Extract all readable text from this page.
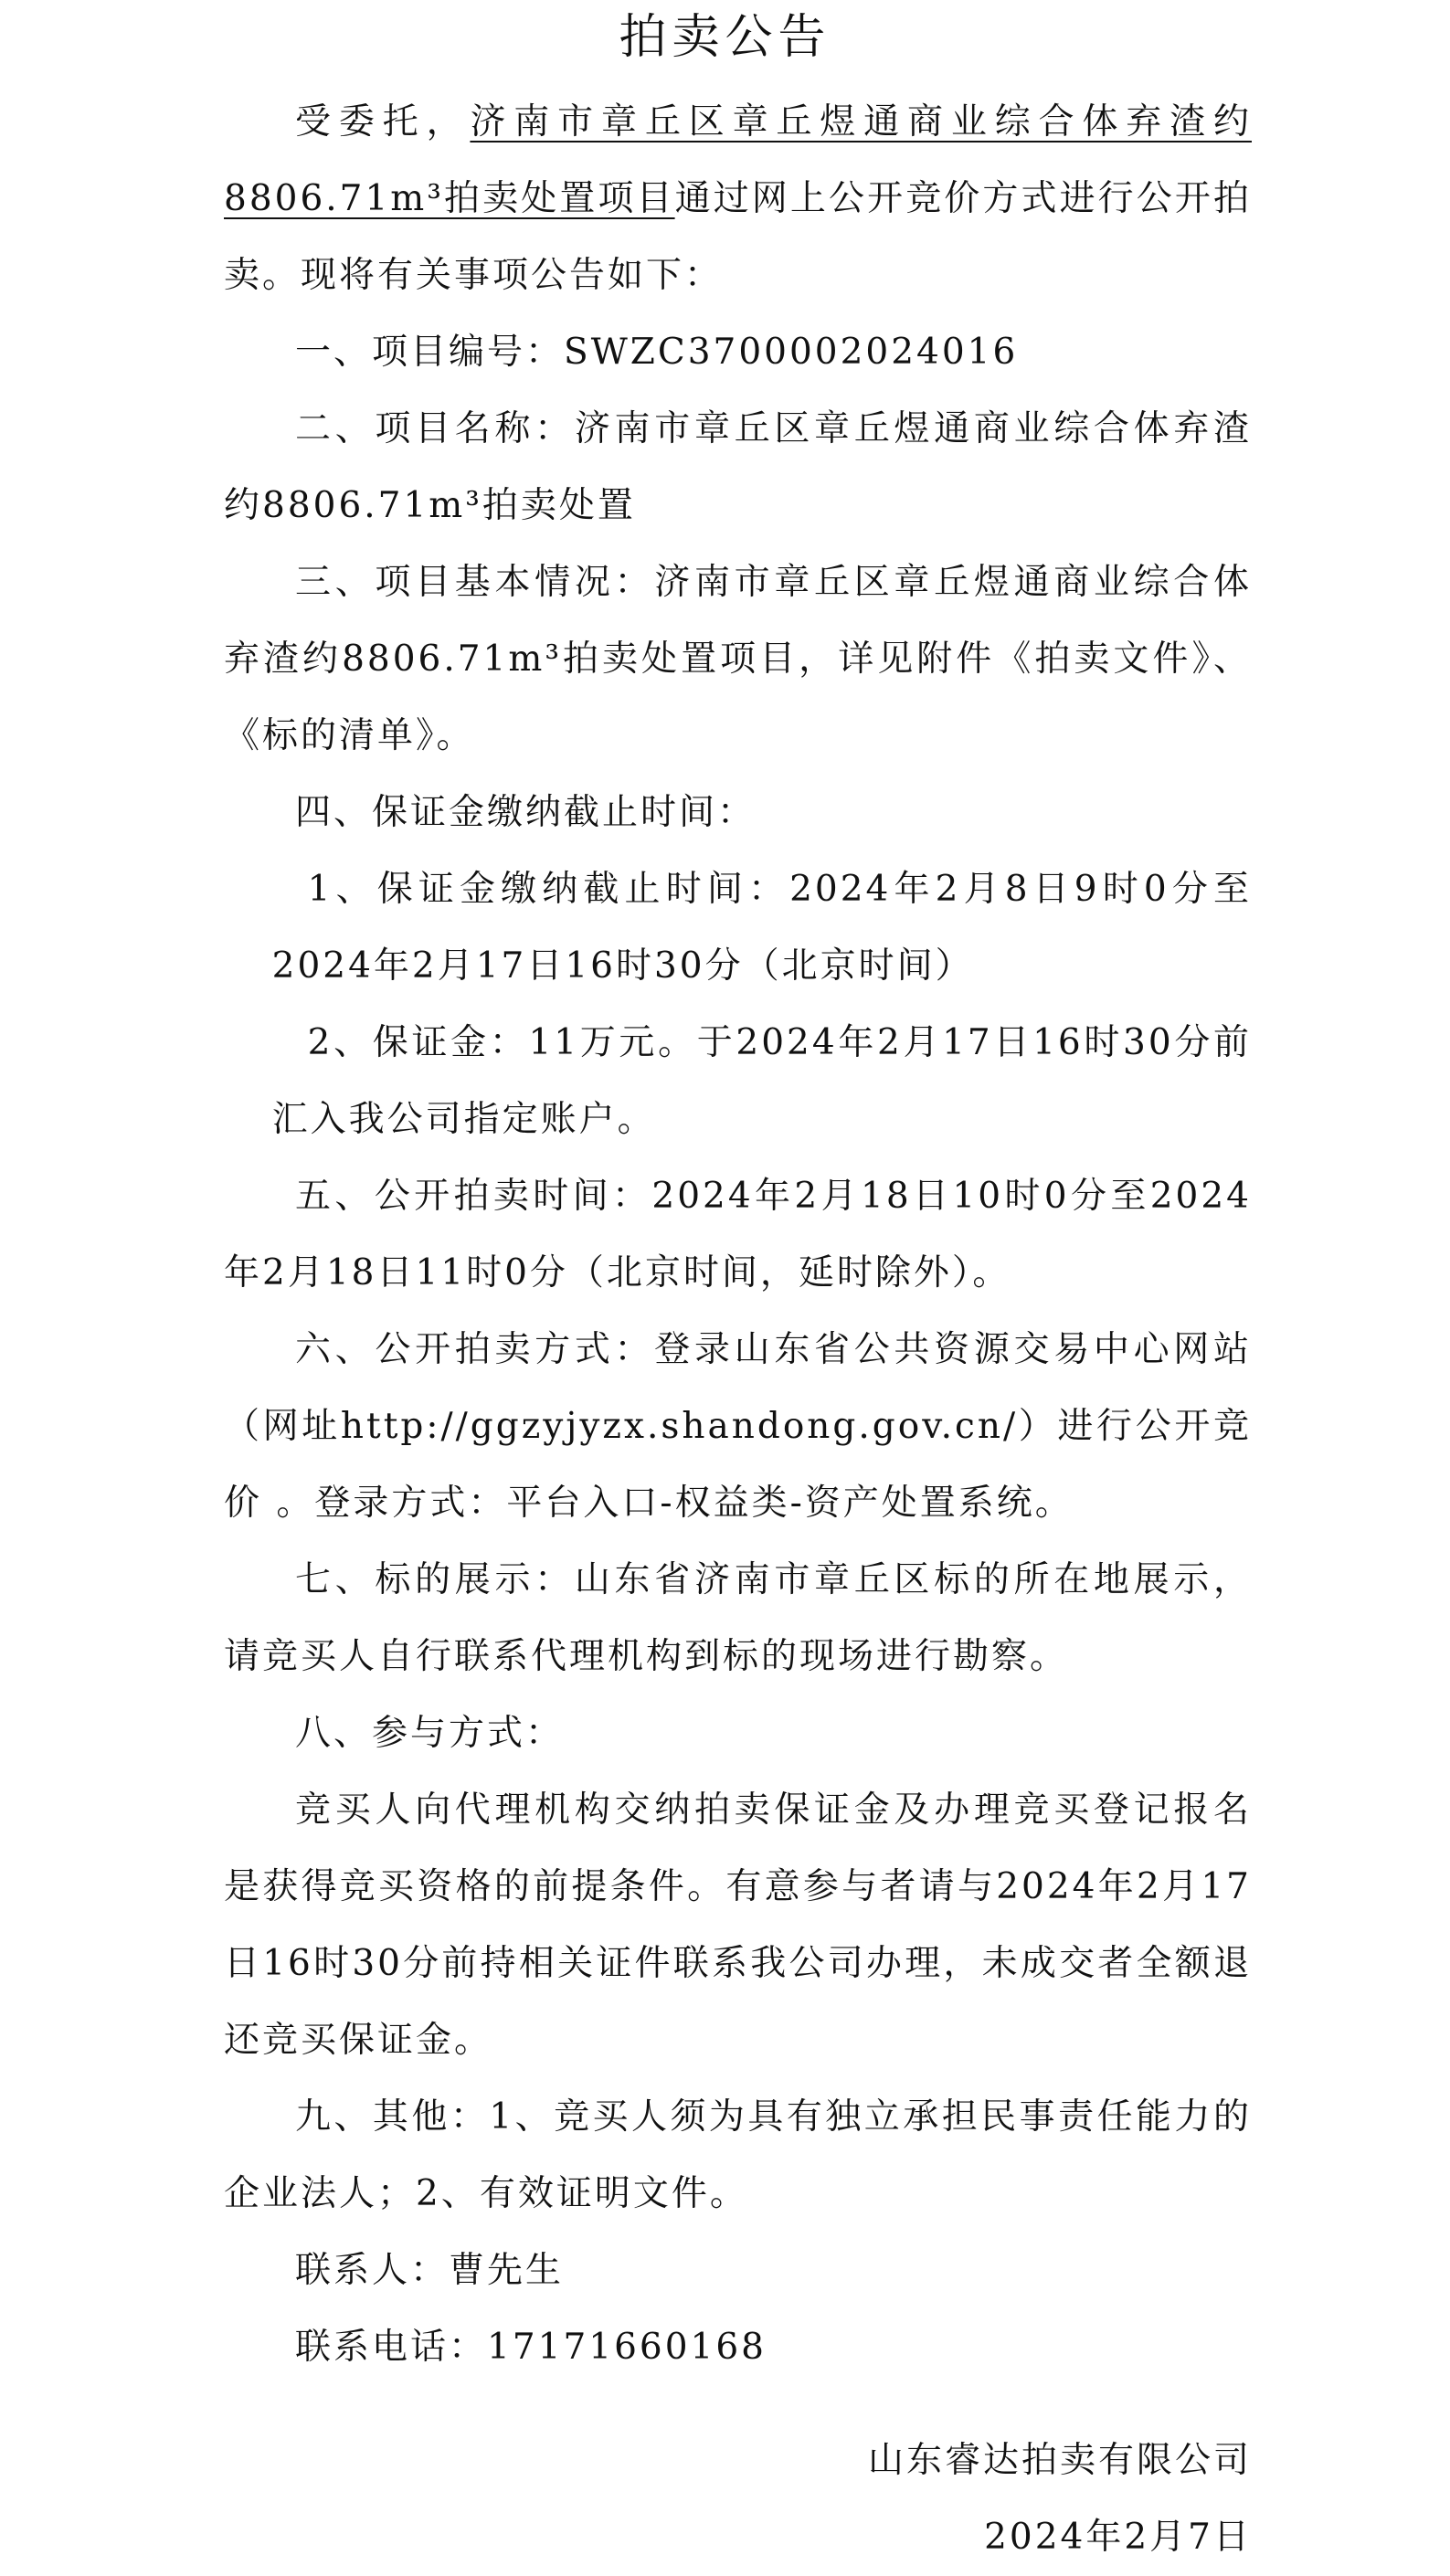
拍卖公告

受委托，济南市章丘区章丘煜通商业综合体弃渣约8806.71m³拍卖处置项目通过网上公开竞价方式进行公开拍卖。现将有关事项公告如下：

一、项目编号：SWZC3700002024016

二、项目名称：济南市章丘区章丘煜通商业综合体弃渣约8806.71m³拍卖处置

三、项目基本情况：济南市章丘区章丘煜通商业综合体弃渣约8806.71m³拍卖处置项目，详见附件《拍卖文件》、《标的清单》。

四、保证金缴纳截止时间：

1、保证金缴纳截止时间：2024年2月8日9时0分至2024年2月17日16时30分（北京时间）

2、保证金：11万元。于2024年2月17日16时30分前汇入我公司指定账户。

五、公开拍卖时间：2024年2月18日10时0分至2024年2月18日11时0分（北京时间，延时除外）。

六、公开拍卖方式：登录山东省公共资源交易中心网站（网址http://ggzyjyzx.shandong.gov.cn/）进行公开竞价 。登录方式：平台入口-权益类-资产处置系统。

七、标的展示：山东省济南市章丘区标的所在地展示，请竞买人自行联系代理机构到标的现场进行勘察。

八、参与方式：

竞买人向代理机构交纳拍卖保证金及办理竞买登记报名是获得竞买资格的前提条件。有意参与者请与2024年2月17日16时30分前持相关证件联系我公司办理，未成交者全额退还竞买保证金。

九、其他：1、竞买人须为具有独立承担民事责任能力的企业法人；2、有效证明文件。

联系人：曹先生

联系电话：17171660168

山东睿达拍卖有限公司
2024年2月7日
